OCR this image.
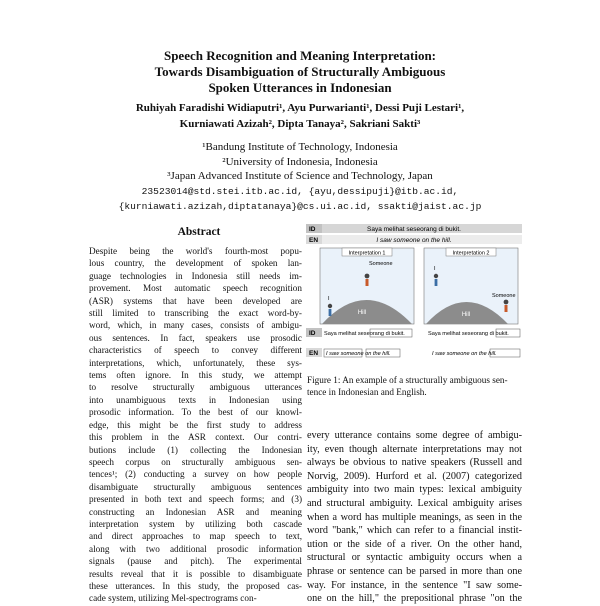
Speech Recognition and Meaning Interpretation:
Towards Disambiguation of Structurally Ambiguous
Spoken Utterances in Indonesian
Ruhiyah Faradishi Widiaputri¹, Ayu Purwarianti¹, Dessi Puji Lestari¹,
Kurniawati Azizah², Dipta Tanaya², Sakriani Sakti³
¹Bandung Institute of Technology, Indonesia
²University of Indonesia, Indonesia
³Japan Advanced Institute of Science and Technology, Japan
23523014@std.stei.itb.ac.id, {ayu,dessipuji}@itb.ac.id,
{kurniawati.azizah,diptatanaya}@cs.ui.ac.id, ssakti@jaist.ac.jp
Abstract
Despite being the world's fourth-most popu-
lous country, the development of spoken lan-
guage technologies in Indonesia still needs im-
provement. Most automatic speech recognition
(ASR) systems that have been developed are
still limited to transcribing the exact word-by-
word, which, in many cases, consists of ambigu-
ous sentences. In fact, speakers use prosodic
characteristics of speech to convey different
interpretations, which, unfortunately, these sys-
tems often ignore. In this study, we attempt
to resolve structurally ambiguous utterances
into unambiguous texts in Indonesian using
prosodic information. To the best of our knowl-
edge, this might be the first study to address
this problem in the ASR context. Our contri-
butions include (1) collecting the Indonesian
speech corpus on structurally ambiguous sen-
tences¹; (2) conducting a survey on how people
disambiguate structurally ambiguous sentences
presented in both text and speech forms; and (3)
constructing an Indonesian ASR and meaning
interpretation system by utilizing both cascade
and direct approaches to map speech to text,
along with two additional prosodic information
signals (pause and pitch). The experimental
results reveal that it is possible to disambiguate
these utterances. In this study, the proposed cas-
cade system, utilizing Mel-spectrograms con-
ID	Saya melihat seseorang di bukit.
EN	I saw someone on the hill.
Interpretation 1
Hill
Someone
I
Interpretation 2
Hill
I
Someone
ID Saya melihat seseorang di bukit.	Saya melihat seseorang di bukit.
EN I saw someone on the hill.	I saw someone on the hill.
Figure 1: An example of a structurally ambiguous sen-
tence in Indonesian and English.
every utterance contains some degree of ambigu-
ity, even though alternate interpretations may not
always be obvious to native speakers (Russell and
Norvig, 2009). Hurford et al. (2007) categorized
ambiguity into two main types: lexical ambiguity
and structural ambiguity. Lexical ambiguity arises
when a word has multiple meanings, as seen in the
word "bank," which can refer to a financial instit-
ution or the side of a river. On the other hand,
structural or syntactic ambiguity occurs when a
phrase or sentence can be parsed in more than one
way. For instance, in the sentence "I saw some-
one on the hill," the prepositional phrase "on the
